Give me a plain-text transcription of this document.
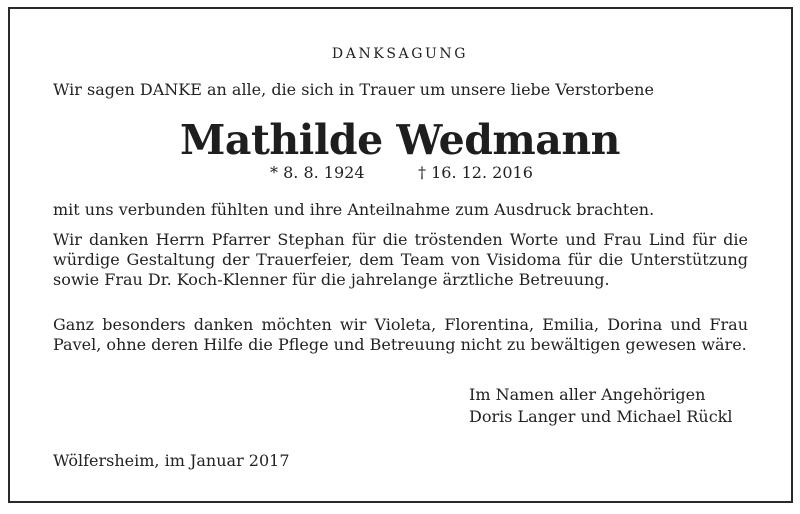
DANKSAGUNG
Wir sagen DANKE an alle, die sich in Trauer um unsere liebe Verstorbene
Mathilde Wedmann
* 8. 8. 1924	† 16. 12. 2016
mit uns verbunden fühlten und ihre Anteilnahme zum Ausdruck brachten.
Wir danken Herrn Pfarrer Stephan für die tröstenden Worte und Frau Lind für die würdige Gestaltung der Trauerfeier, dem Team von Visidoma für die Unterstützung sowie Frau Dr. Koch-Klenner für die jahrelange ärztliche Betreuung.
Ganz besonders danken möchten wir Violeta, Florentina, Emilia, Dorina und Frau Pavel, ohne deren Hilfe die Pflege und Betreuung nicht zu bewältigen gewesen wäre.
Im Namen aller Angehörigen
Doris Langer und Michael Rückl
Wölfersheim, im Januar 2017
